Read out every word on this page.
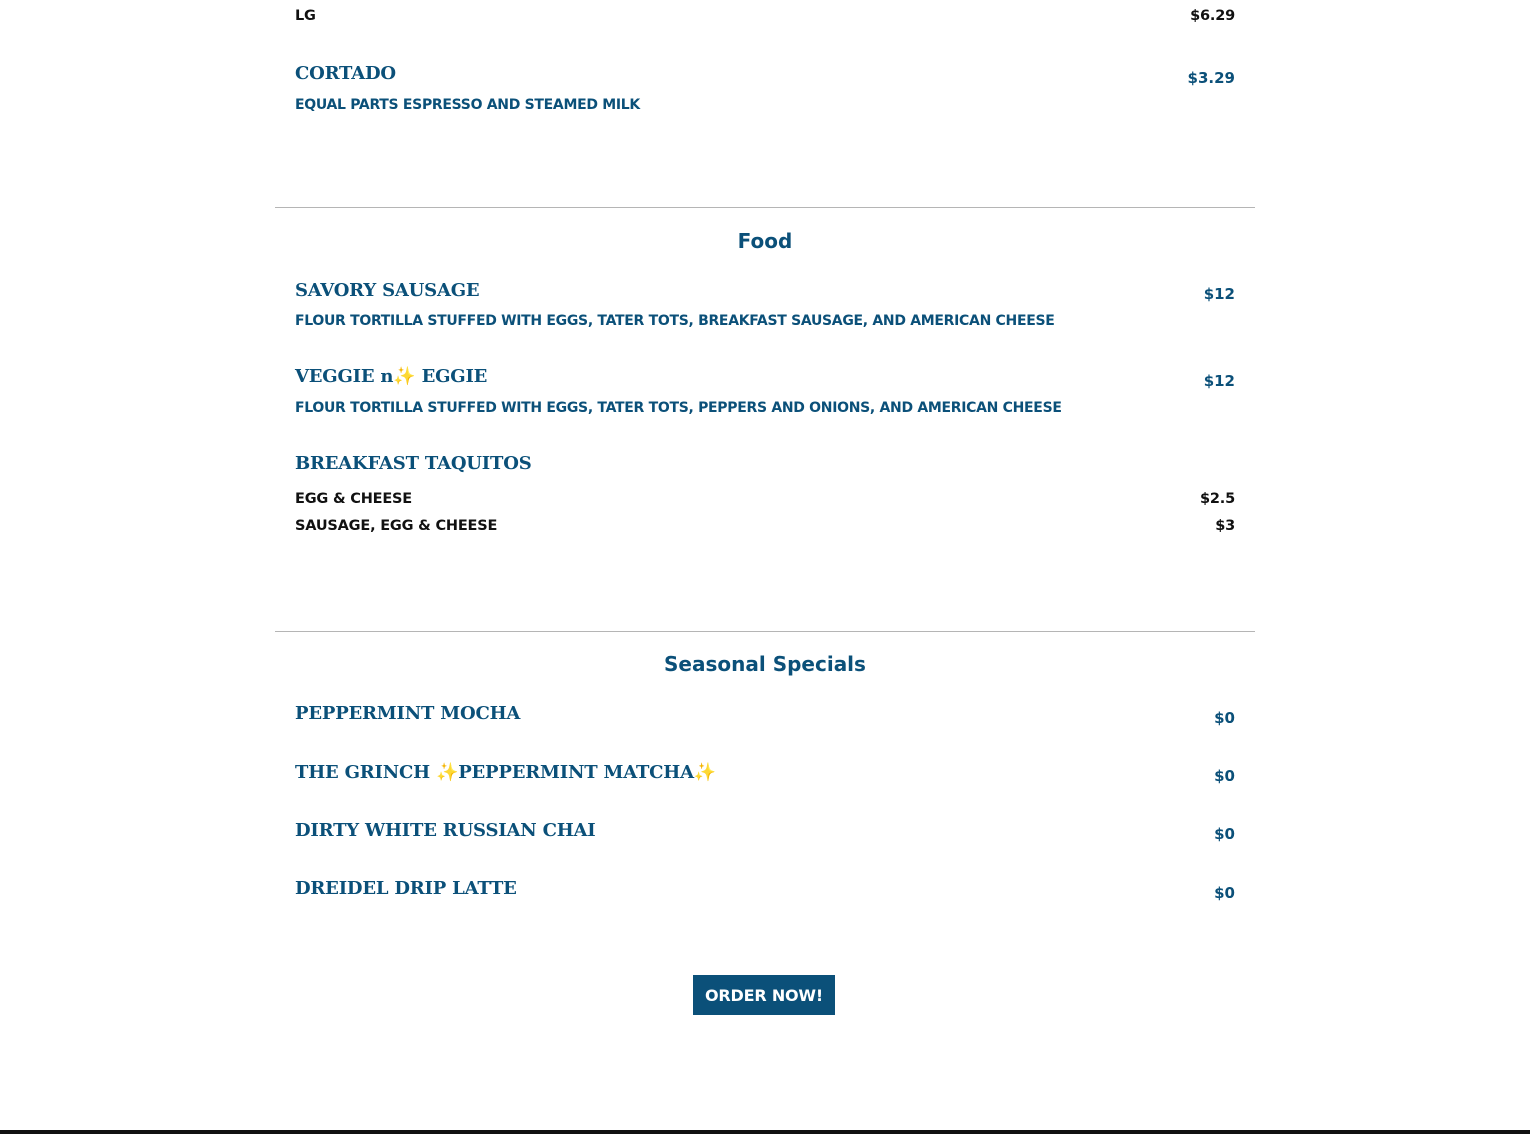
LG	$6.29
CORTADO	$3.29
EQUAL PARTS ESPRESSO AND STEAMED MILK
Food
SAVORY SAUSAGE	$12
FLOUR TORTILLA STUFFED WITH EGGS, TATER TOTS, BREAKFAST SAUSAGE, AND AMERICAN CHEESE
VEGGIE n✨ EGGIE	$12
FLOUR TORTILLA STUFFED WITH EGGS, TATER TOTS, PEPPERS AND ONIONS, AND AMERICAN CHEESE
BREAKFAST TAQUITOS
EGG & CHEESE	$2.5
SAUSAGE, EGG & CHEESE	$3
Seasonal Specials
PEPPERMINT MOCHA	$0
THE GRINCH ✨PEPPERMINT MATCHA✨	$0
DIRTY WHITE RUSSIAN CHAI	$0
DREIDEL DRIP LATTE	$0
ORDER NOW!
